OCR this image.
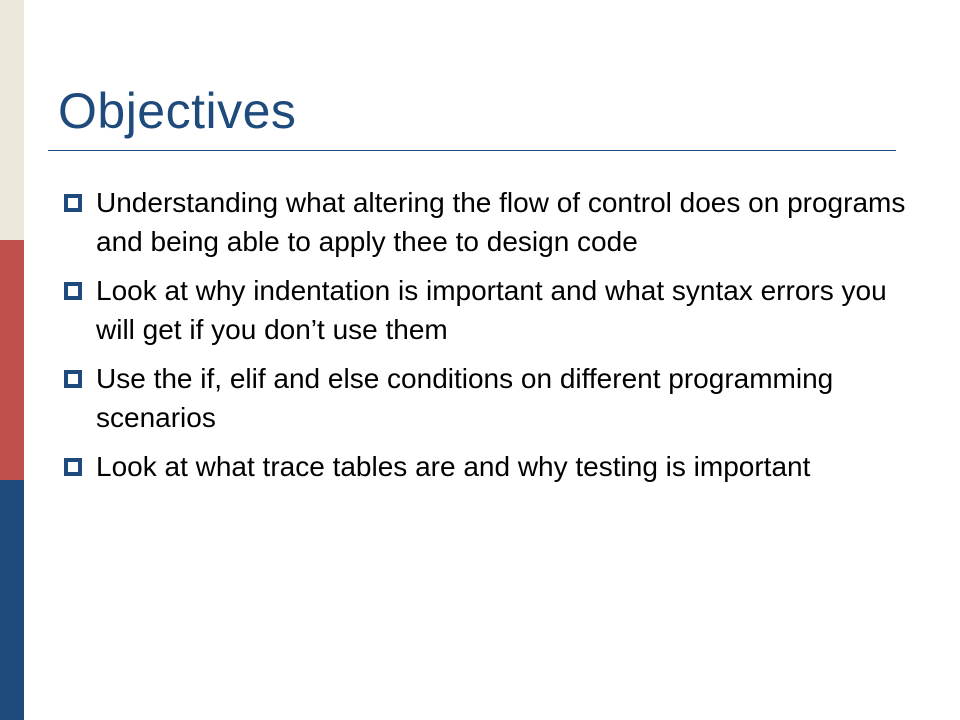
Objectives
Understanding what altering the flow of control does on programs and being able to apply thee to design code
Look at why indentation is important and what syntax errors you will get if you don’t use them
Use the if, elif and else conditions on different programming scenarios
Look at what trace tables are and why testing is important
